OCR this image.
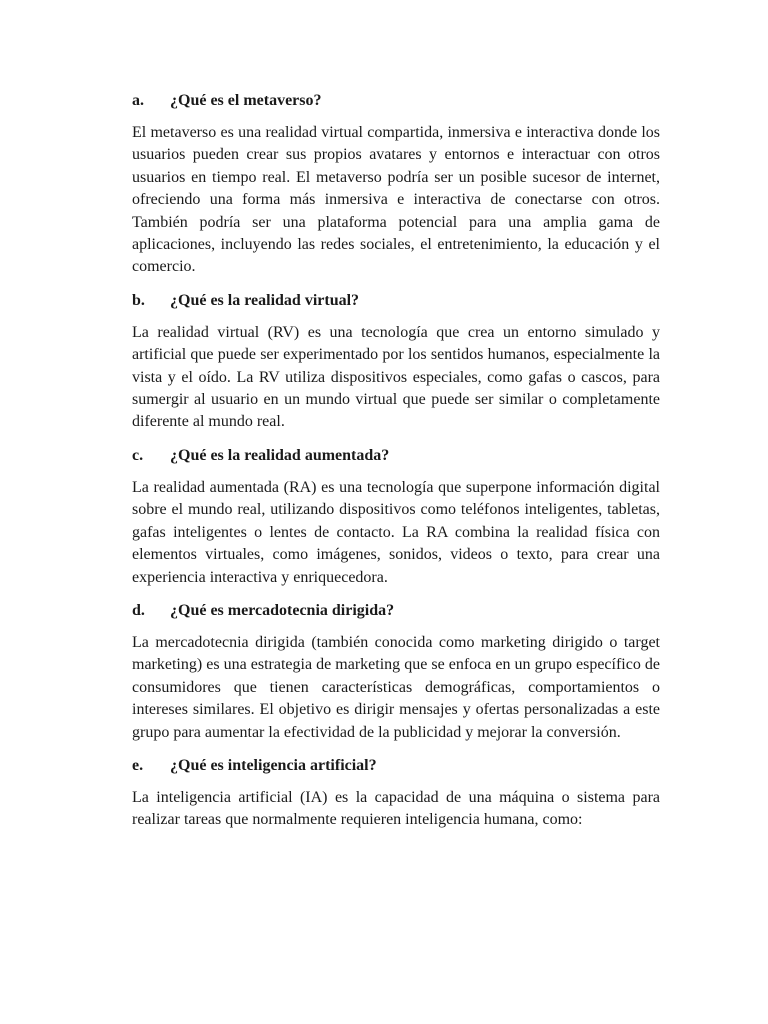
a.	¿Qué es el metaverso?

El metaverso es una realidad virtual compartida, inmersiva e interactiva donde los usuarios pueden crear sus propios avatares y entornos e interactuar con otros usuarios en tiempo real. El metaverso podría ser un posible sucesor de internet, ofreciendo una forma más inmersiva e interactiva de conectarse con otros. También podría ser una plataforma potencial para una amplia gama de aplicaciones, incluyendo las redes sociales, el entretenimiento, la educación y el comercio.

b.	¿Qué es la realidad virtual?

La realidad virtual (RV) es una tecnología que crea un entorno simulado y artificial que puede ser experimentado por los sentidos humanos, especialmente la vista y el oído. La RV utiliza dispositivos especiales, como gafas o cascos, para sumergir al usuario en un mundo virtual que puede ser similar o completamente diferente al mundo real.

c.	¿Qué es la realidad aumentada?

La realidad aumentada (RA) es una tecnología que superpone información digital sobre el mundo real, utilizando dispositivos como teléfonos inteligentes, tabletas, gafas inteligentes o lentes de contacto. La RA combina la realidad física con elementos virtuales, como imágenes, sonidos, videos o texto, para crear una experiencia interactiva y enriquecedora.

d.	¿Qué es mercadotecnia dirigida?

La mercadotecnia dirigida (también conocida como marketing dirigido o target marketing) es una estrategia de marketing que se enfoca en un grupo específico de consumidores que tienen características demográficas, comportamientos o intereses similares. El objetivo es dirigir mensajes y ofertas personalizadas a este grupo para aumentar la efectividad de la publicidad y mejorar la conversión.

e.	¿Qué es inteligencia artificial?

La inteligencia artificial (IA) es la capacidad de una máquina o sistema para realizar tareas que normalmente requieren inteligencia humana, como:
